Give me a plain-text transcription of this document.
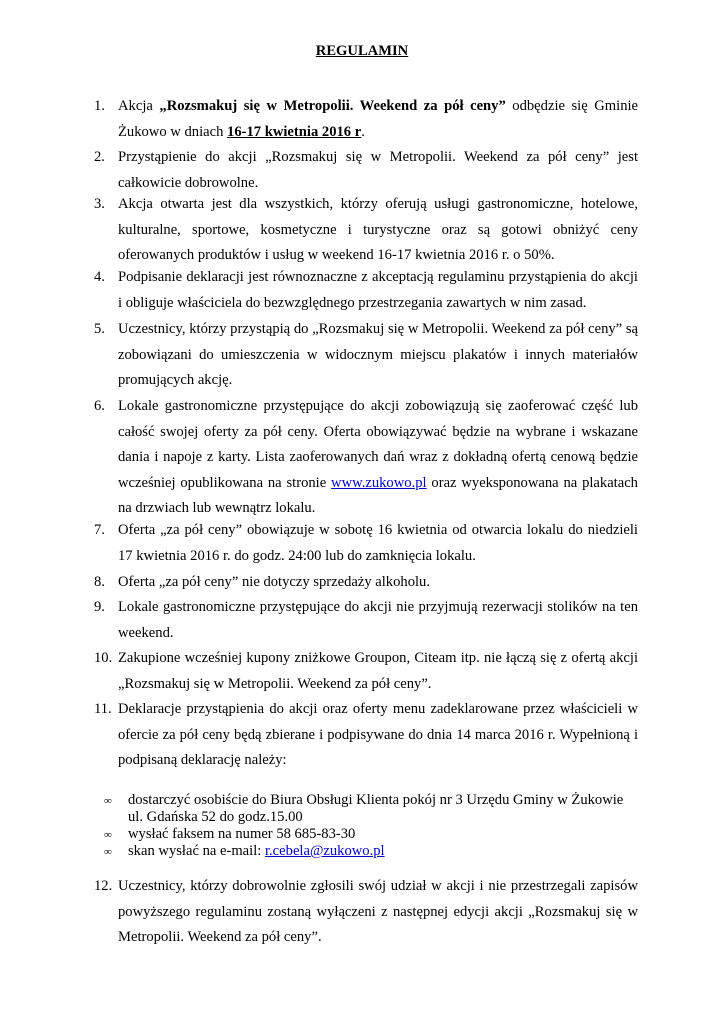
REGULAMIN
1. Akcja „Rozsmakuj się w Metropolii. Weekend za pół ceny” odbędzie się Gminie Żukowo w dniach 16-17 kwietnia 2016 r.
2. Przystąpienie do akcji „Rozsmakuj się w Metropolii. Weekend za pół ceny” jest całkowicie dobrowolne.
3. Akcja otwarta jest dla wszystkich, którzy oferują usługi gastronomiczne, hotelowe, kulturalne, sportowe, kosmetyczne i turystyczne oraz są gotowi obniżyć ceny oferowanych produktów i usług w weekend 16-17 kwietnia 2016 r. o 50%.
4. Podpisanie deklaracji jest równoznaczne z akceptacją regulaminu przystąpienia do akcji i obliguje właściciela do bezwzględnego przestrzegania zawartych w nim zasad.
5. Uczestnicy, którzy przystąpią do „Rozsmakuj się w Metropolii. Weekend za pół ceny” są zobowiązani do umieszczenia w widocznym miejscu plakatów i innych materiałów promujących akcję.
6. Lokale gastronomiczne przystępujące do akcji zobowiązują się zaoferować część lub całość swojej oferty za pół ceny. Oferta obowiązywać będzie na wybrane i wskazane dania i napoje z karty. Lista zaoferowanych dań wraz z dokładną ofertą cenową będzie wcześniej opublikowana na stronie www.zukowo.pl oraz wyeksponowana na plakatach na drzwiach lub wewnątrz lokalu.
7. Oferta „za pół ceny” obowiązuje w sobotę 16 kwietnia od otwarcia lokalu do niedzieli 17 kwietnia 2016 r. do godz. 24:00 lub do zamknięcia lokalu.
8. Oferta „za pół ceny” nie dotyczy sprzedaży alkoholu.
9. Lokale gastronomiczne przystępujące do akcji nie przyjmują rezerwacji stolików na ten weekend.
10. Zakupione wcześniej kupony zniżkowe Groupon, Citeam itp. nie łączą się z ofertą akcji „Rozsmakuj się w Metropolii. Weekend za pół ceny”.
11. Deklaracje przystąpienia do akcji oraz oferty menu zadeklarowane przez właścicieli w ofercie za pół ceny będą zbierane i podpisywane do dnia 14 marca 2016 r. Wypełnioną i podpisaną deklarację należy:
∞ dostarczyć osobiście do Biura Obsługi Klienta pokój nr 3 Urzędu Gminy w Żukowie
ul. Gdańska 52 do godz.15.00
∞ wysłać faksem na numer 58 685-83-30
∞ skan wysłać na e-mail: r.cebela@zukowo.pl
12. Uczestnicy, którzy dobrowolnie zgłosili swój udział w akcji i nie przestrzegali zapisów powyższego regulaminu zostaną wyłączeni z następnej edycji akcji „Rozsmakuj się w Metropolii. Weekend za pół ceny”.
